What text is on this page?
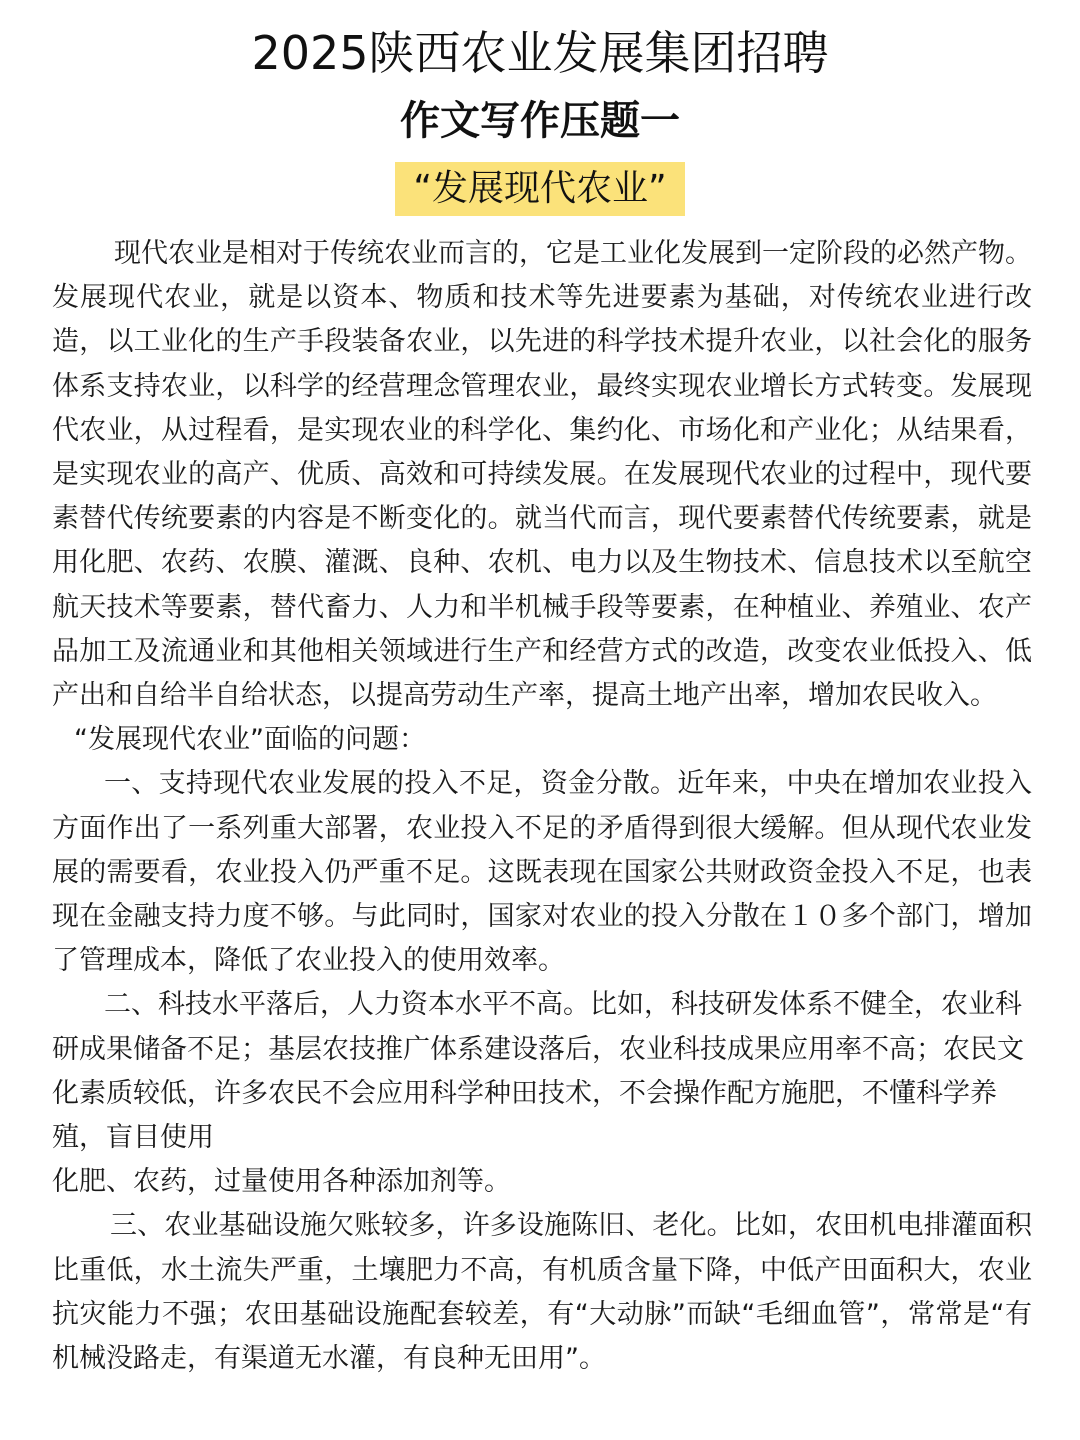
2025陕西农业发展集团招聘
作文写作压题一
“发展现代农业”

现代农业是相对于传统农业而言的，它是工业化发展到一定阶段的必然产物。发展现代农业，就是以资本、物质和技术等先进要素为基础，对传统农业进行改造，以工业化的生产手段装备农业，以先进的科学技术提升农业，以社会化的服务体系支持农业，以科学的经营理念管理农业，最终实现农业增长方式转变。发展现代农业，从过程看，是实现农业的科学化、集约化、市场化和产业化；从结果看，是实现农业的高产、优质、高效和可持续发展。在发展现代农业的过程中，现代要素替代传统要素的内容是不断变化的。就当代而言，现代要素替代传统要素，就是用化肥、农药、农膜、灌溉、良种、农机、电力以及生物技术、信息技术以至航空航天技术等要素，替代畜力、人力和半机械手段等要素，在种植业、养殖业、农产品加工及流通业和其他相关领域进行生产和经营方式的改造，改变农业低投入、低产出和自给半自给状态，以提高劳动生产率，提高土地产出率，增加农民收入。

“发展现代农业”面临的问题：

一、支持现代农业发展的投入不足，资金分散。近年来，中央在增加农业投入方面作出了一系列重大部署，农业投入不足的矛盾得到很大缓解。但从现代农业发展的需要看，农业投入仍严重不足。这既表现在国家公共财政资金投入不足，也表现在金融支持力度不够。与此同时，国家对农业的投入分散在１０多个部门，增加了管理成本，降低了农业投入的使用效率。

二、科技水平落后，人力资本水平不高。比如，科技研发体系不健全，农业科研成果储备不足；基层农技推广体系建设落后，农业科技成果应用率不高；农民文化素质较低，许多农民不会应用科学种田技术，不会操作配方施肥，不懂科学养殖，盲目使用

化肥、农药，过量使用各种添加剂等。

三、农业基础设施欠账较多，许多设施陈旧、老化。比如，农田机电排灌面积比重低，水土流失严重，土壤肥力不高，有机质含量下降，中低产田面积大，农业抗灾能力不强；农田基础设施配套较差，有“大动脉”而缺“毛细血管”，常常是“有机械没路走，有渠道无水灌，有良种无田用”。
